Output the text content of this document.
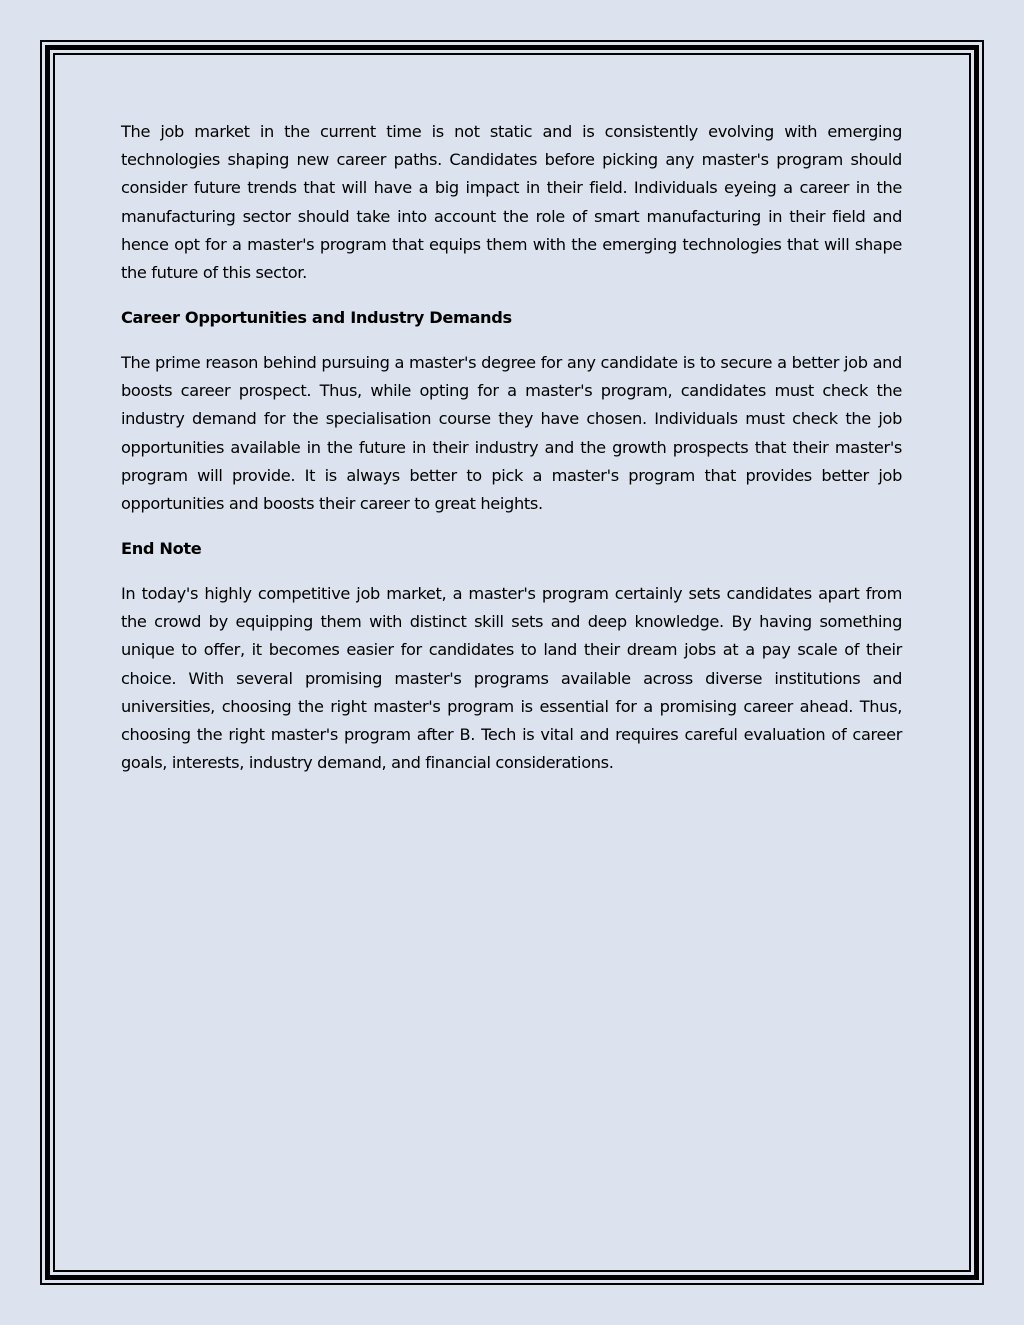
The job market in the current time is not static and is consistently evolving with emerging technologies shaping new career paths. Candidates before picking any master's program should consider future trends that will have a big impact in their field. Individuals eyeing a career in the manufacturing sector should take into account the role of smart manufacturing in their field and hence opt for a master's program that equips them with the emerging technologies that will shape the future of this sector.

Career Opportunities and Industry Demands

The prime reason behind pursuing a master's degree for any candidate is to secure a better job and boosts career prospect. Thus, while opting for a master's program, candidates must check the industry demand for the specialisation course they have chosen. Individuals must check the job opportunities available in the future in their industry and the growth prospects that their master's program will provide. It is always better to pick a master's program that provides better job opportunities and boosts their career to great heights.

End Note

In today's highly competitive job market, a master's program certainly sets candidates apart from the crowd by equipping them with distinct skill sets and deep knowledge. By having something unique to offer, it becomes easier for candidates to land their dream jobs at a pay scale of their choice. With several promising master's programs available across diverse institutions and universities, choosing the right master's program is essential for a promising career ahead. Thus, choosing the right master's program after B. Tech is vital and requires careful evaluation of career goals, interests, industry demand, and financial considerations.
